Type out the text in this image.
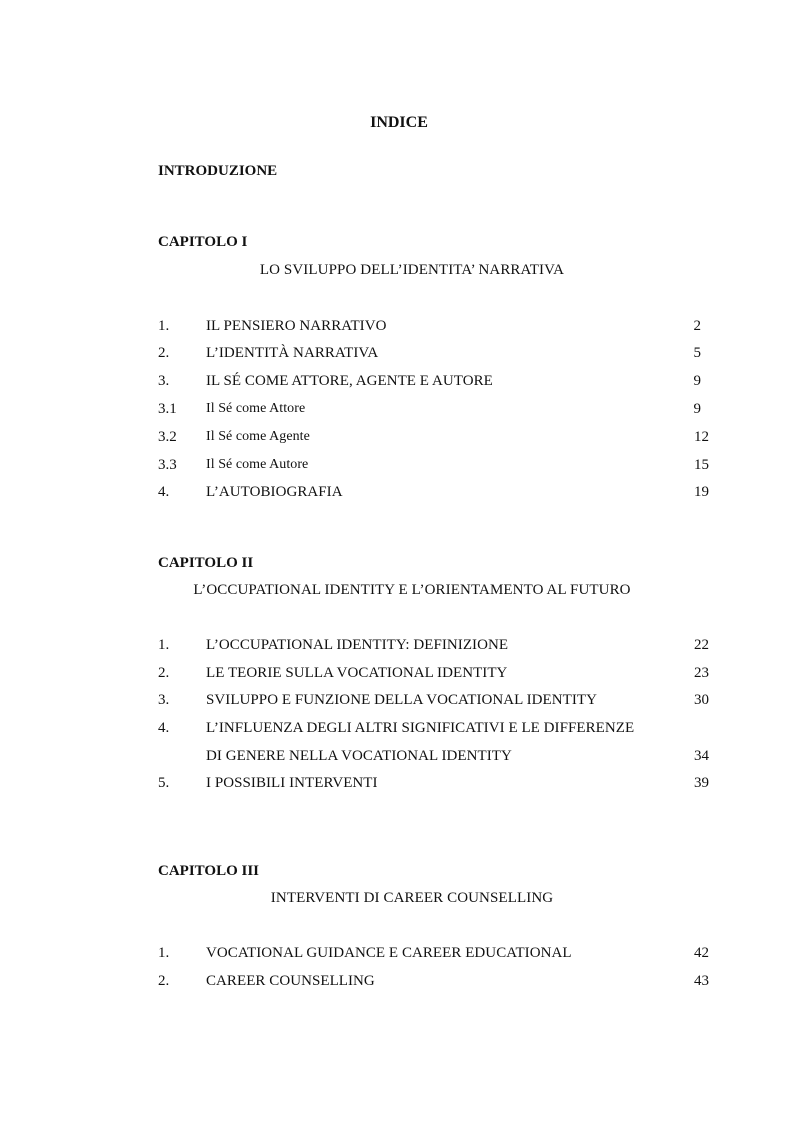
INDICE
INTRODUZIONE
CAPITOLO I
LO SVILUPPO DELL’IDENTITA’ NARRATIVA
1. IL PENSIERO NARRATIVO	2
2. L’IDENTITÀ NARRATIVA	5
3. IL SÉ COME ATTORE, AGENTE E AUTORE	9
3.1 Il Sé come Attore	9
3.2 Il Sé come Agente	12
3.3 Il Sé come Autore	15
4. L’AUTOBIOGRAFIA	19
CAPITOLO II
L’OCCUPATIONAL IDENTITY E L’ORIENTAMENTO AL FUTURO
1. L’OCCUPATIONAL IDENTITY: DEFINIZIONE	22
2. LE TEORIE SULLA VOCATIONAL IDENTITY	23
3. SVILUPPO E FUNZIONE DELLA VOCATIONAL IDENTITY	30
4. L’INFLUENZA DEGLI ALTRI SIGNIFICATIVI E LE DIFFERENZE
DI GENERE NELLA VOCATIONAL IDENTITY	34
5. I POSSIBILI INTERVENTI	39
CAPITOLO III
INTERVENTI DI CAREER COUNSELLING
1. VOCATIONAL GUIDANCE E CAREER EDUCATIONAL	42
2. CAREER COUNSELLING	43
